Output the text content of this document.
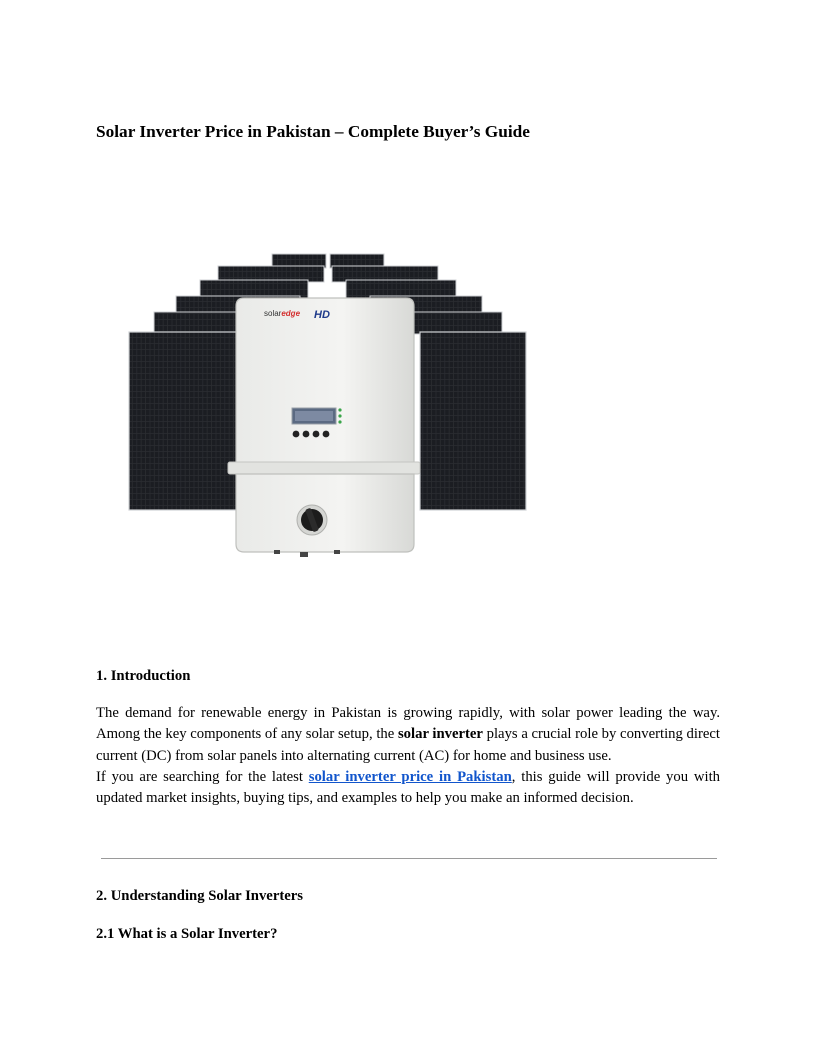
Solar Inverter Price in Pakistan – Complete Buyer’s Guide
solaredge HD
1. Introduction

The demand for renewable energy in Pakistan is growing rapidly, with solar power leading the way. Among the key components of any solar setup, the solar inverter plays a crucial role by converting direct current (DC) from solar panels into alternating current (AC) for home and business use.
If you are searching for the latest solar inverter price in Pakistan, this guide will provide you with updated market insights, buying tips, and examples to help you make an informed decision.

2. Understanding Solar Inverters
2.1 What is a Solar Inverter?
